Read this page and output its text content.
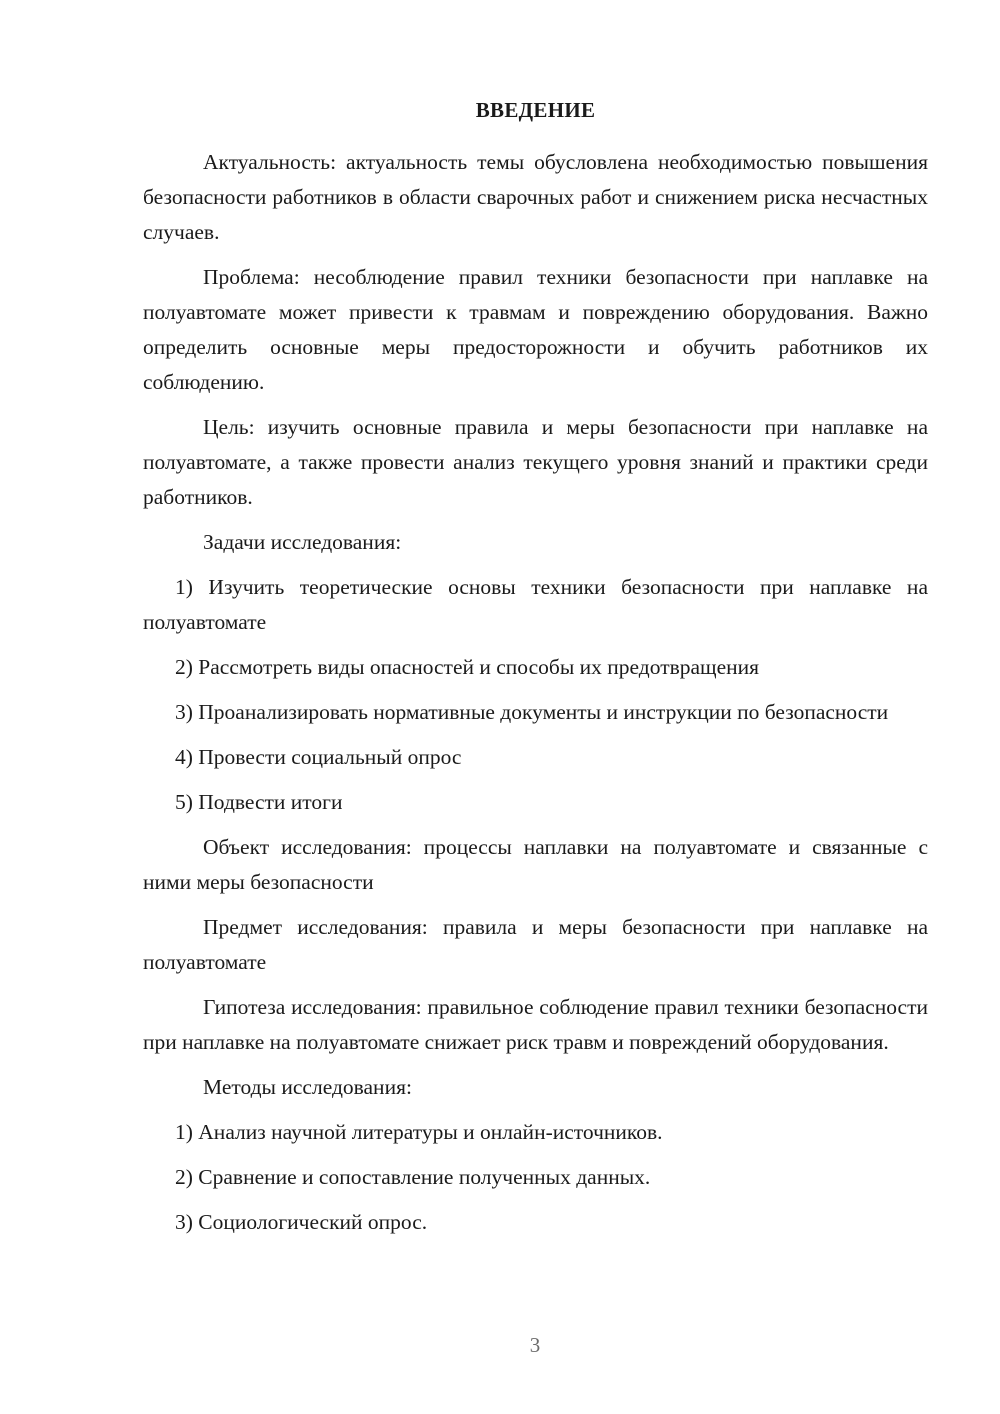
ВВЕДЕНИЕ

Актуальность: актуальность темы обусловлена необходимостью повышения безопасности работников в области сварочных работ и снижением риска несчастных случаев.

Проблема: несоблюдение правил техники безопасности при наплавке на полуавтомате может привести к травмам и повреждению оборудования. Важно определить основные меры предосторожности и обучить работников их соблюдению.

Цель: изучить основные правила и меры безопасности при наплавке на полуавтомате, а также провести анализ текущего уровня знаний и практики среди работников.

Задачи исследования:

1) Изучить теоретические основы техники безопасности при наплавке на полуавтомате

2) Рассмотреть виды опасностей и способы их предотвращения

3) Проанализировать нормативные документы и инструкции по безопасности

4) Провести социальный опрос

5) Подвести итоги

Объект исследования: процессы наплавки на полуавтомате и связанные с ними меры безопасности

Предмет исследования: правила и меры безопасности при наплавке на полуавтомате

Гипотеза исследования: правильное соблюдение правил техники безопасности при наплавке на полуавтомате снижает риск травм и повреждений оборудования.

Методы исследования:

1) Анализ научной литературы и онлайн-источников.

2) Сравнение и сопоставление полученных данных.

3) Социологический опрос.

3
